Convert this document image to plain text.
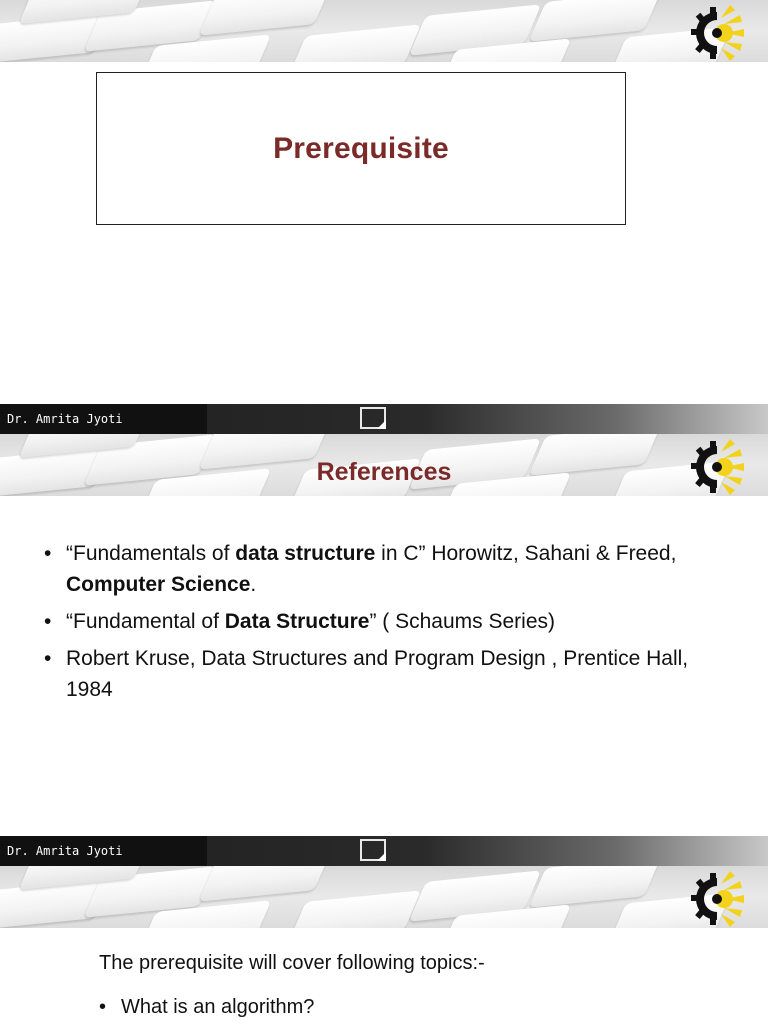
Prerequisite
Dr. Amrita Jyoti
References
• “Fundamentals of data structure in C” Horowitz, Sahani & Freed, Computer Science.
• “Fundamental of Data Structure” ( Schaums Series)
• Robert Kruse, Data Structures and Program Design , Prentice Hall, 1984
Dr. Amrita Jyoti
The prerequisite will cover following topics:-
• What is an algorithm?
